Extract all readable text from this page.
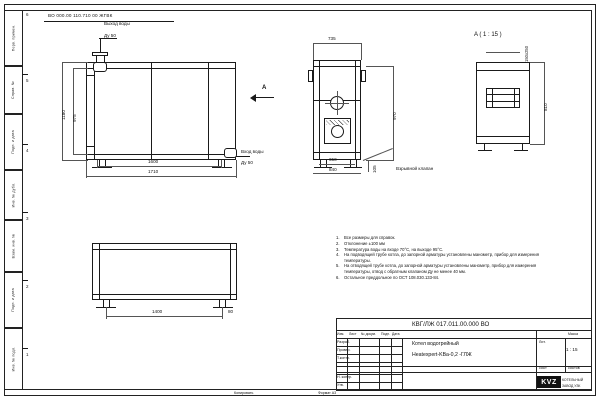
Перв. примен.
Справ. №
Подп. и дата
Инв. № дубл.
Взам. инв. №
Подп. и дата
Инв. № подл.
6
5
4
3
2
1
ВО 000.00 110.710 00 ЖГВК
Выход воды
Ду 50
Вход воды
Ду 50
1180 975
1600
1710
A
735
970
650
840	105	Взрывной клапан
A ( 1 : 15 )
150x250
810
1400	80
1.	Все размеры для справок.
2.	Отклонение ±100 мм
3.	Температура воды на входе 70°С, на выходе 95°С.
4.	На подводящей трубе котла, до запорной арматуры установлены манометр, прибор для измерения температуры.
5.	На отводящей трубе котла, до запорной арматуры установлены манометр, прибор для измерения температуры, отвод с обратным клапаном Ду не менее 40 мм.
6.	Остальное преддольное по ОСТ 108.030.133-84.
КВГ/ЛЖ 017.011.00.000 ВО
Котел водогрейный
Heatexpert-KBa-0,2 -ГЛЖ
Изм. Лист № докум. Подп. Дата
Разраб.
Провер.
Т.контр.
Н. контр.
Утв.
Лит.
Лист	Листов
Масса
1 : 15
КОТЕЛЬНЫЙ
ЗАВОД УЗК
KVZ
Копировать	Формат A3
